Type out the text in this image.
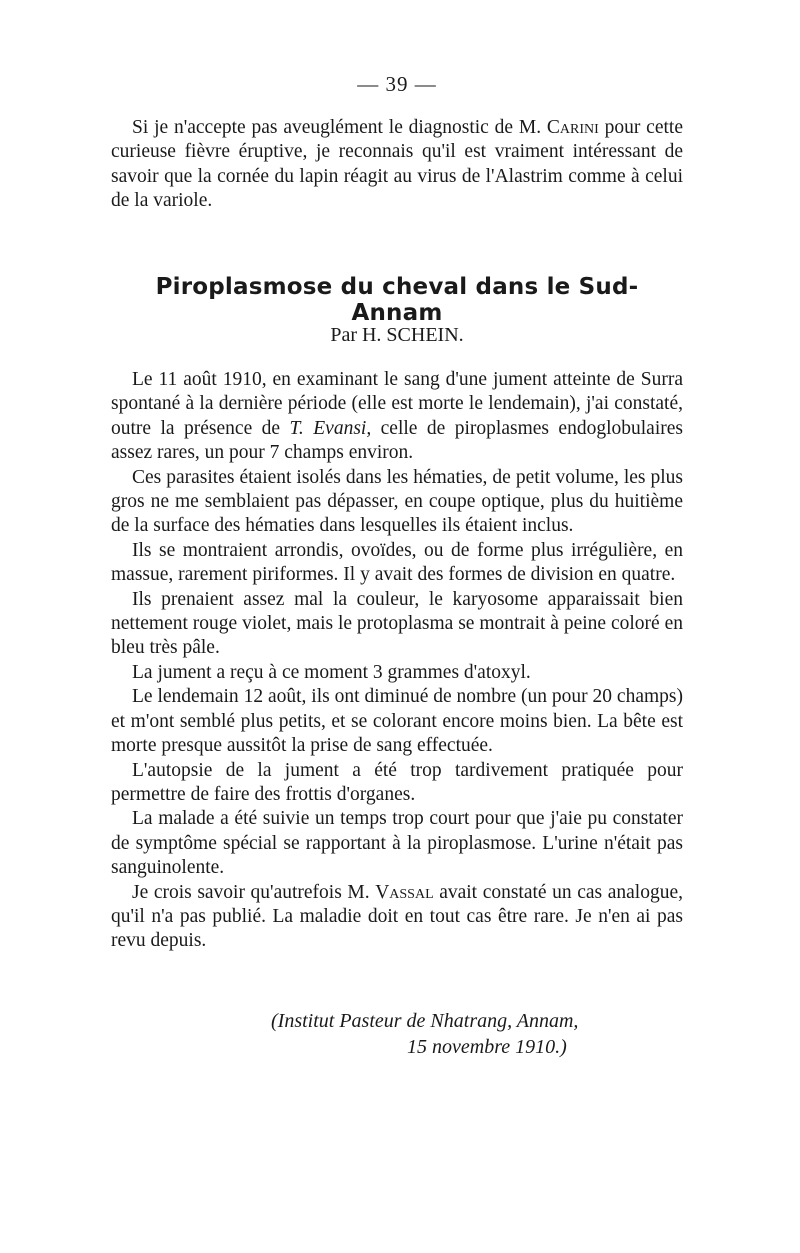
— 39 —

Si je n'accepte pas aveuglément le diagnostic de M. Carini pour cette curieuse fièvre éruptive, je reconnais qu'il est vraiment intéressant de savoir que la cornée du lapin réagit au virus de l'Alastrim comme à celui de la variole.

Piroplasmose du cheval dans le Sud-Annam
Par H. SCHEIN.

Le 11 août 1910, en examinant le sang d'une jument atteinte de Surra spontané à la dernière période (elle est morte le lendemain), j'ai constaté, outre la présence de T. Evansi, celle de piroplasmes endoglobulaires assez rares, un pour 7 champs environ.

Ces parasites étaient isolés dans les hématies, de petit volume, les plus gros ne me semblaient pas dépasser, en coupe optique, plus du huitième de la surface des hématies dans lesquelles ils étaient inclus.

Ils se montraient arrondis, ovoïdes, ou de forme plus irrégulière, en massue, rarement piriformes. Il y avait des formes de division en quatre.

Ils prenaient assez mal la couleur, le karyosome apparaissait bien nettement rouge violet, mais le protoplasma se montrait à peine coloré en bleu très pâle.

La jument a reçu à ce moment 3 grammes d'atoxyl.

Le lendemain 12 août, ils ont diminué de nombre (un pour 20 champs) et m'ont semblé plus petits, et se colorant encore moins bien. La bête est morte presque aussitôt la prise de sang effectuée.

L'autopsie de la jument a été trop tardivement pratiquée pour permettre de faire des frottis d'organes.

La malade a été suivie un temps trop court pour que j'aie pu constater de symptôme spécial se rapportant à la piroplasmose. L'urine n'était pas sanguinolente.

Je crois savoir qu'autrefois M. Vassal avait constaté un cas analogue, qu'il n'a pas publié. La maladie doit en tout cas être rare. Je n'en ai pas revu depuis.

(Institut Pasteur de Nhatrang, Annam,
15 novembre 1910.)
